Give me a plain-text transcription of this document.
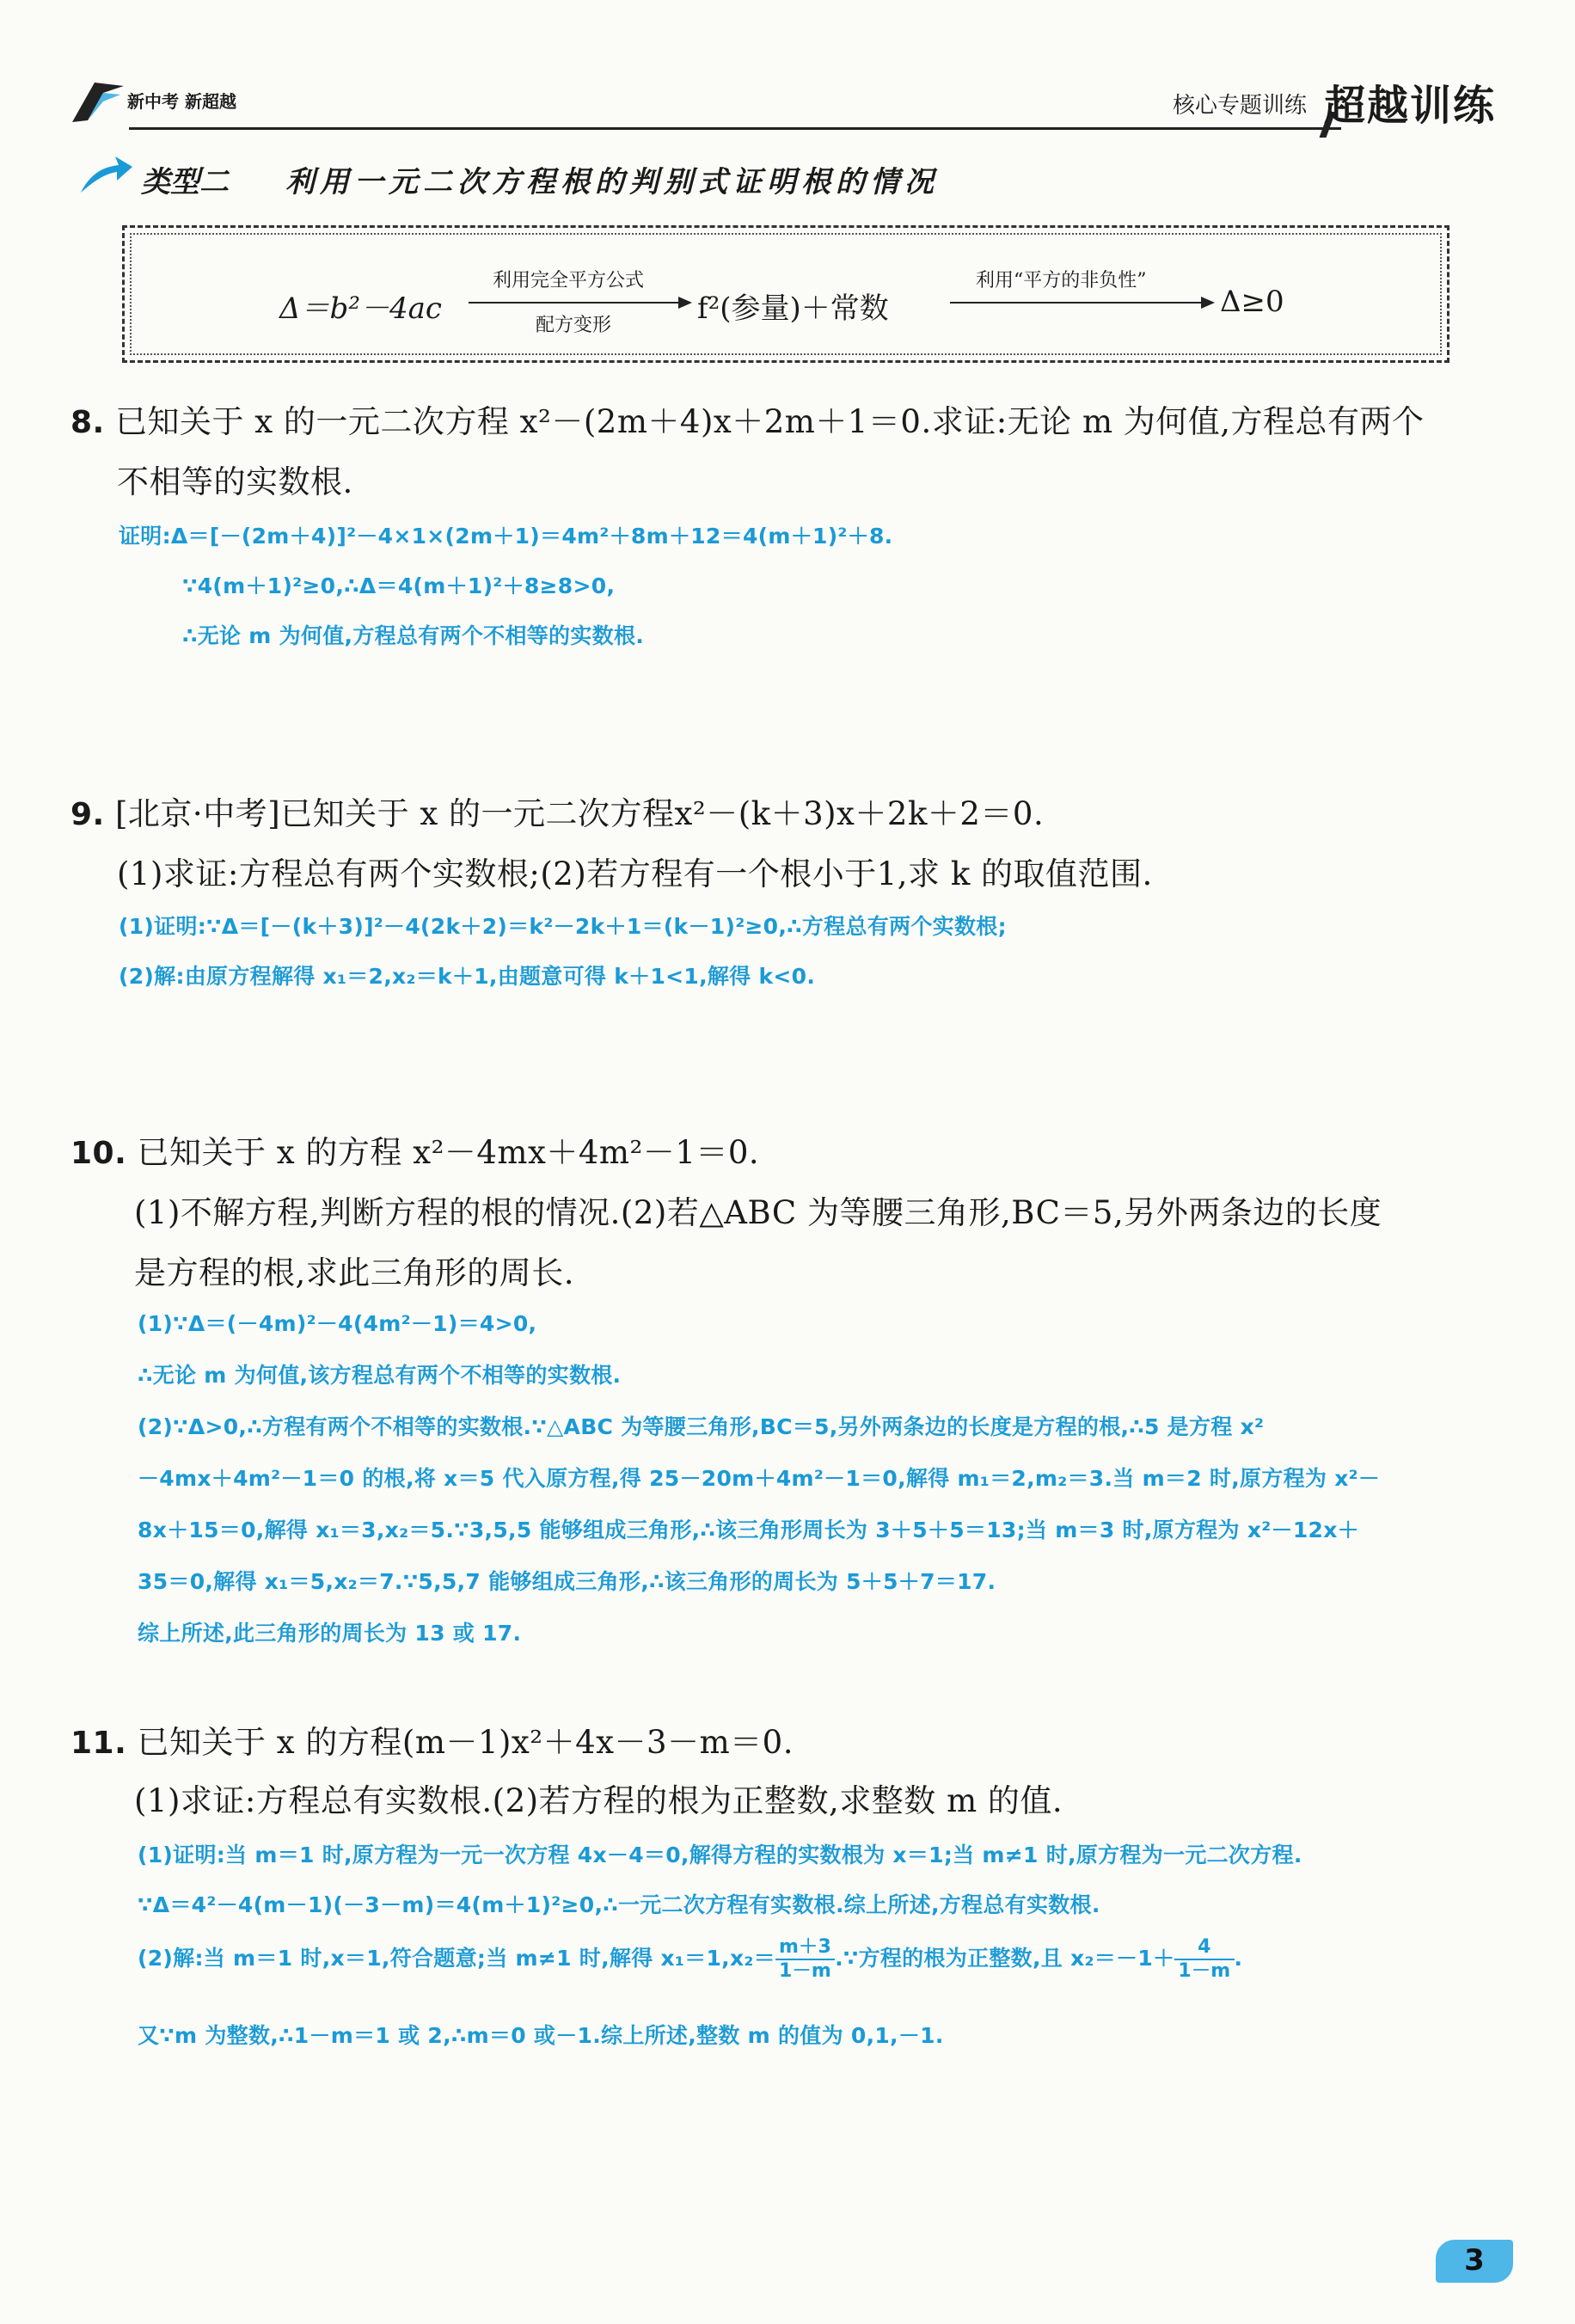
新中考 新超越	核心专题训练 超越训练
类型二 利用一元二次方程根的判别式证明根的情况
Δ＝b²－4ac
利用完全平方公式
配方变形	f²(参量)＋常数
利用“平方的非负性”
Δ≥0
8. 已知关于 x 的一元二次方程 x²－(2m＋4)x＋2m＋1＝0.求证:无论 m 为何值,方程总有两个
不相等的实数根.
证明:Δ＝[－(2m＋4)]²－4×1×(2m＋1)＝4m²＋8m＋12＝4(m＋1)²＋8.
∵4(m＋1)²≥0,∴Δ＝4(m＋1)²＋8≥8>0,
∴无论 m 为何值,方程总有两个不相等的实数根.
9. [北京·中考]已知关于 x 的一元二次方程x²－(k＋3)x＋2k＋2＝0.
(1)求证:方程总有两个实数根;(2)若方程有一个根小于1,求 k 的取值范围.
(1)证明:∵Δ＝[－(k＋3)]²－4(2k＋2)＝k²－2k＋1＝(k－1)²≥0,∴方程总有两个实数根;
(2)解:由原方程解得 x₁＝2,x₂＝k＋1,由题意可得 k＋1<1,解得 k<0.
10. 已知关于 x 的方程 x²－4mx＋4m²－1＝0.
(1)不解方程,判断方程的根的情况.(2)若△ABC 为等腰三角形,BC＝5,另外两条边的长度
是方程的根,求此三角形的周长.
(1)∵Δ＝(－4m)²－4(4m²－1)＝4>0,
∴无论 m 为何值,该方程总有两个不相等的实数根.
(2)∵Δ>0,∴方程有两个不相等的实数根.∵△ABC 为等腰三角形,BC＝5,另外两条边的长度是方程的根,∴5 是方程 x²
－4mx＋4m²－1＝0 的根,将 x＝5 代入原方程,得 25－20m＋4m²－1＝0,解得 m₁＝2,m₂＝3.当 m＝2 时,原方程为 x²－
8x＋15＝0,解得 x₁＝3,x₂＝5.∵3,5,5 能够组成三角形,∴该三角形周长为 3＋5＋5＝13;当 m＝3 时,原方程为 x²－12x＋
35＝0,解得 x₁＝5,x₂＝7.∵5,5,7 能够组成三角形,∴该三角形的周长为 5＋5＋7＝17.
综上所述,此三角形的周长为 13 或 17.
11. 已知关于 x 的方程(m－1)x²＋4x－3－m＝0.
(1)求证:方程总有实数根.(2)若方程的根为正整数,求整数 m 的值.
(1)证明:当 m＝1 时,原方程为一元一次方程 4x－4＝0,解得方程的实数根为 x＝1;当 m≠1 时,原方程为一元二次方程.
∵Δ＝4²－4(m－1)(－3－m)＝4(m＋1)²≥0,∴一元二次方程有实数根.综上所述,方程总有实数根.
(2)解:当 m＝1 时,x＝1,符合题意;当 m≠1 时,解得 $x_1=1,x_2= \frac{m+3}{1-m}$ .∵方程的根为正整数,且 $x_2=-1+ \frac{4}{1-m}$ .
又∵m 为整数,∴1－m＝1 或 2,∴m＝0 或－1.综上所述,整数 m 的值为 0,1,－1.
3
